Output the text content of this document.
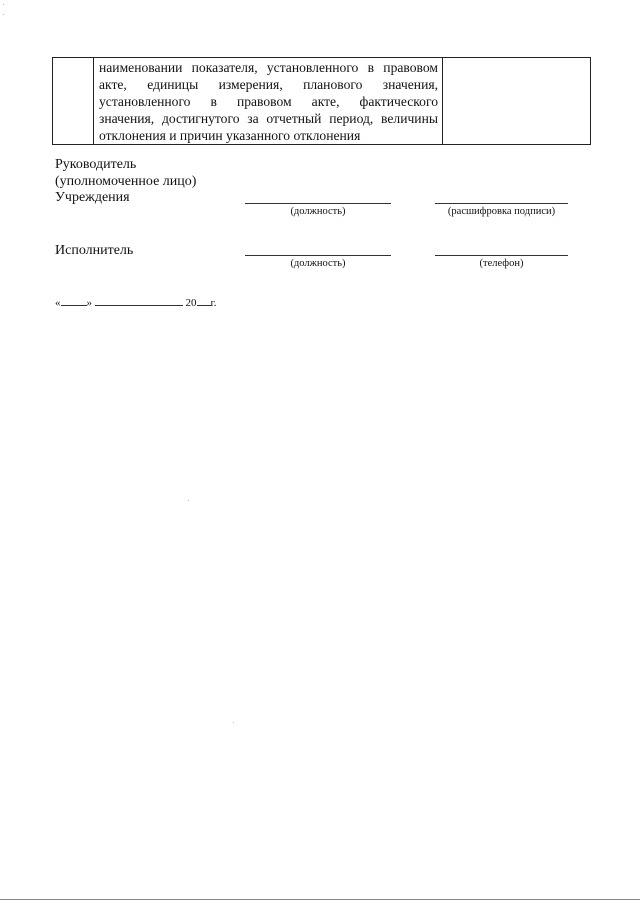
наименовании показателя, установленного в правовом
акте, единицы измерения, планового значения,
установленного в правовом акте, фактического
значения, достигнутого за отчетный период, величины
отклонения и причин указанного отклонения

Руководитель
(уполномоченное лицо)
Учреждения
(должность)	(расшифровка подписи)
Исполнитель
(должность)	(телефон)
« »	20 г.
